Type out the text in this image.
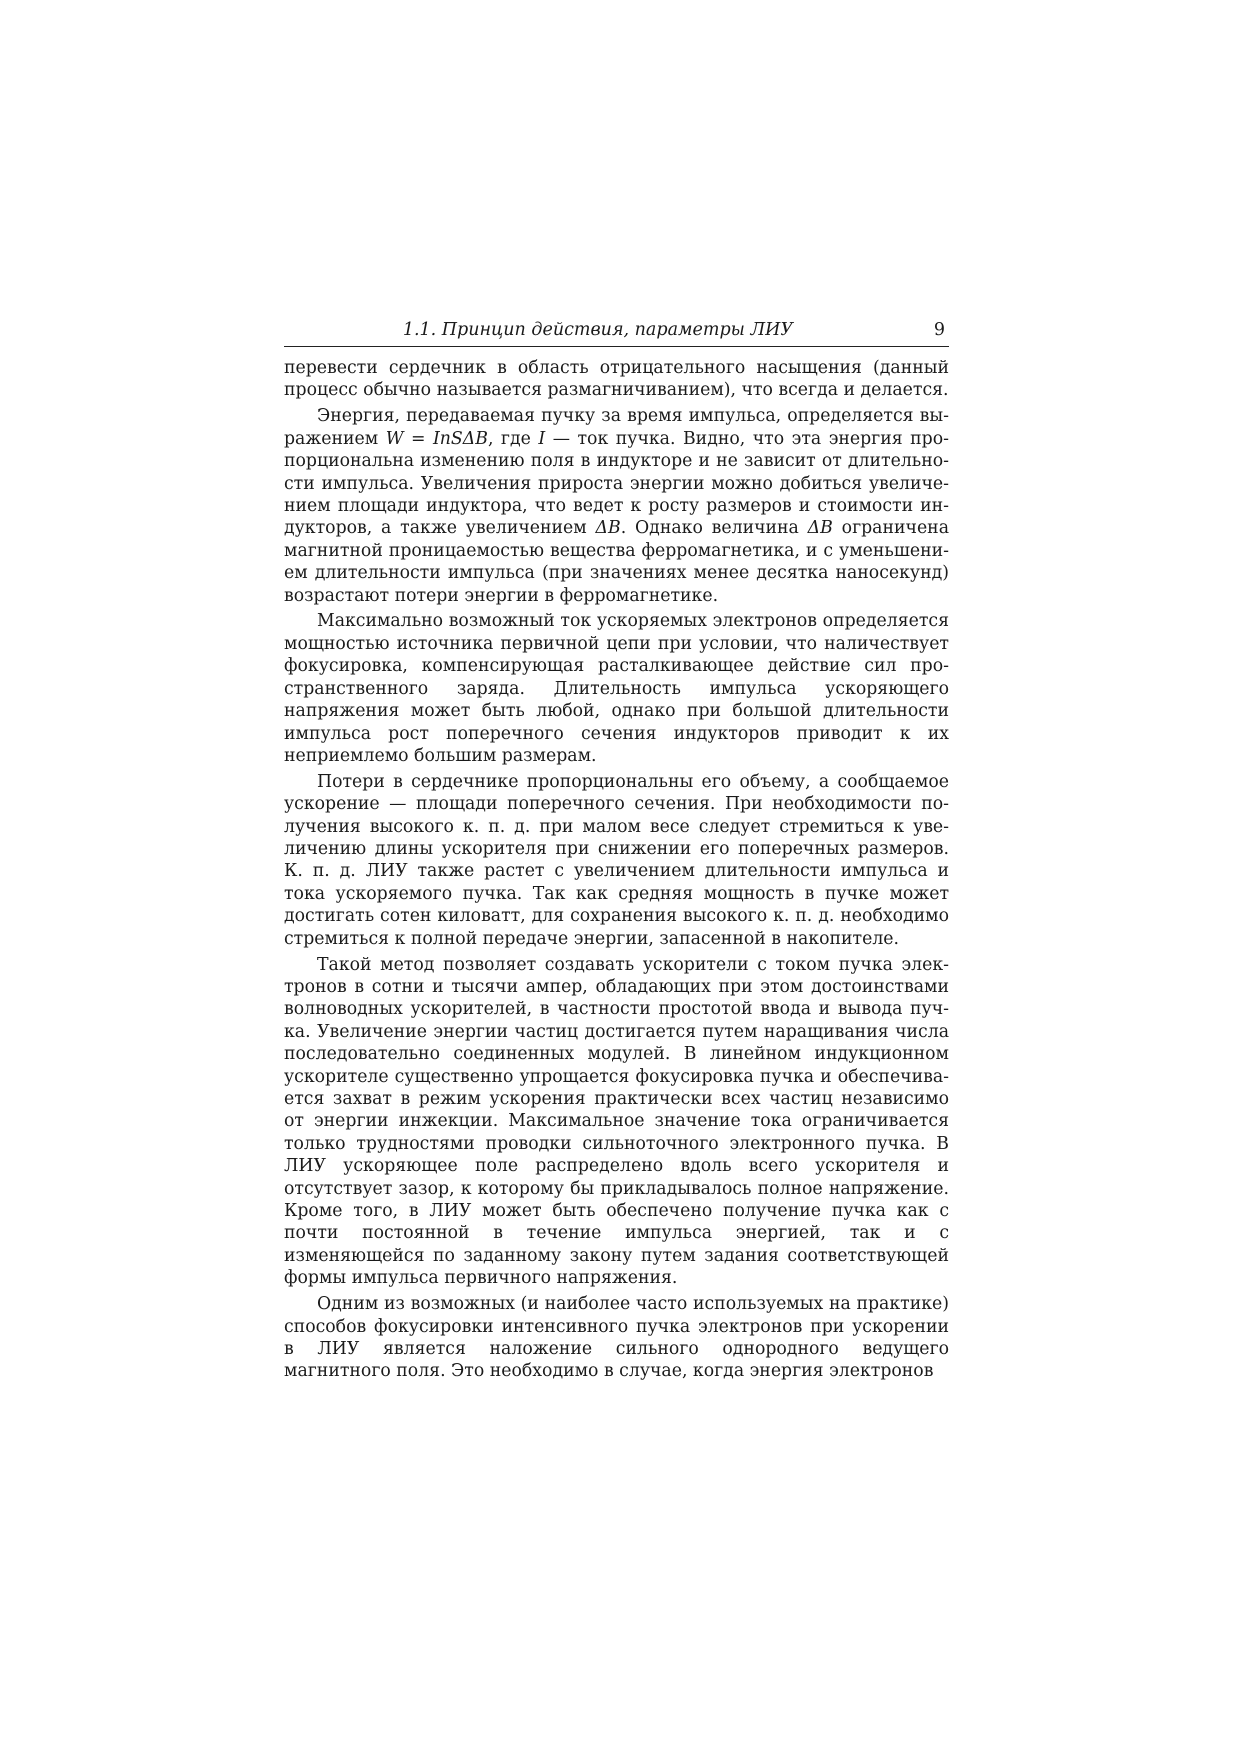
1.1. Принцип действия, параметры ЛИУ	9

перевести сердечник в область отрицательного насыщения (данный процесс обычно называется размагничиванием), что всегда и делается.

Энергия, передаваемая пучку за время импульса, определяется выражением W = InSΔB, где I — ток пучка. Видно, что эта энергия пропорциональна изменению поля в индукторе и не зависит от длительности импульса. Увеличения прироста энергии можно добиться увеличением площади индуктора, что ведет к росту размеров и стоимости индукторов, а также увеличением ΔB. Однако величина ΔB ограничена магнитной проницаемостью вещества ферромагнетика, и с уменьшением длительности импульса (при значениях менее десятка наносекунд) возрастают потери энергии в ферромагнетике.

Максимально возможный ток ускоряемых электронов определяется мощностью источника первичной цепи при условии, что наличествует фокусировка, компенсирующая расталкивающее действие сил пространственного заряда. Длительность импульса ускоряющего напряжения может быть любой, однако при большой длительности импульса рост поперечного сечения индукторов приводит к их неприемлемо большим размерам.

Потери в сердечнике пропорциональны его объему, а сообщаемое ускорение — площади поперечного сечения. При необходимости получения высокого к. п. д. при малом весе следует стремиться к увеличению длины ускорителя при снижении его поперечных размеров. К. п. д. ЛИУ также растет с увеличением длительности импульса и тока ускоряемого пучка. Так как средняя мощность в пучке может достигать сотен киловатт, для сохранения высокого к. п. д. необходимо стремиться к полной передаче энергии, запасенной в накопителе.

Такой метод позволяет создавать ускорители с током пучка электронов в сотни и тысячи ампер, обладающих при этом достоинствами волноводных ускорителей, в частности простотой ввода и вывода пучка. Увеличение энергии частиц достигается путем наращивания числа последовательно соединенных модулей. В линейном индукционном ускорителе существенно упрощается фокусировка пучка и обеспечивается захват в режим ускорения практически всех частиц независимо от энергии инжекции. Максимальное значение тока ограничивается только трудностями проводки сильноточного электронного пучка. В ЛИУ ускоряющее поле распределено вдоль всего ускорителя и отсутствует зазор, к которому бы прикладывалось полное напряжение. Кроме того, в ЛИУ может быть обеспечено получение пучка как с почти постоянной в течение импульса энергией, так и с изменяющейся по заданному закону путем задания соответствующей формы импульса первичного напряжения.

Одним из возможных (и наиболее часто используемых на практике) способов фокусировки интенсивного пучка электронов при ускорении в ЛИУ является наложение сильного однородного ведущего магнитного поля. Это необходимо в случае, когда энергия электронов
